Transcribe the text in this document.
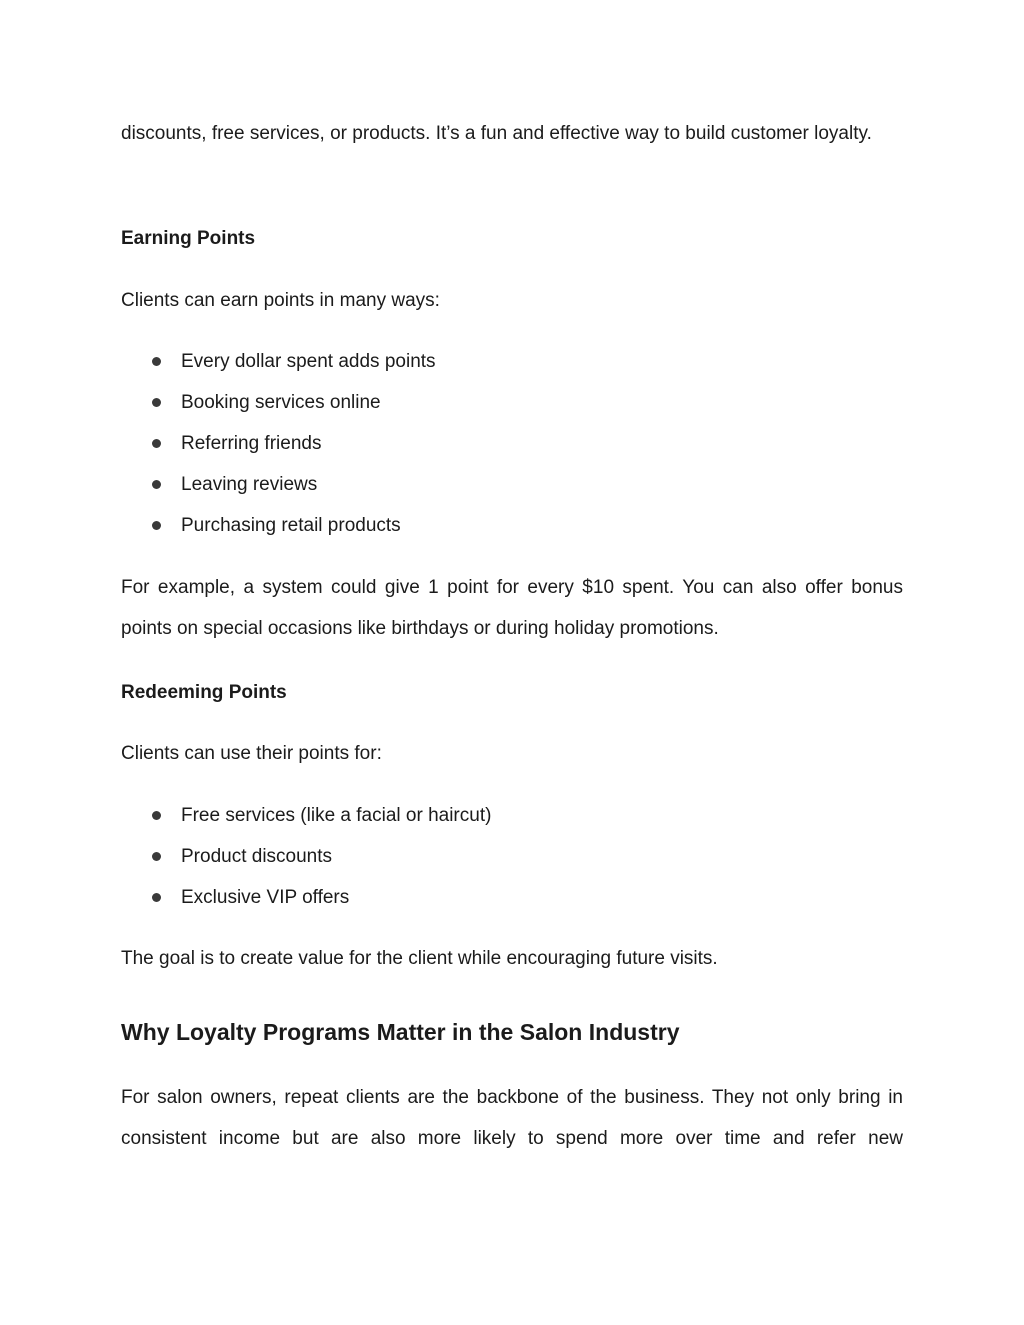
discounts, free services, or products. It’s a fun and effective way to build customer loyalty.

Earning Points

Clients can earn points in many ways:

Every dollar spent adds points
Booking services online
Referring friends
Leaving reviews
Purchasing retail products

For example, a system could give 1 point for every $10 spent. You can also offer bonus points on special occasions like birthdays or during holiday promotions.

Redeeming Points

Clients can use their points for:

Free services (like a facial or haircut)
Product discounts
Exclusive VIP offers

The goal is to create value for the client while encouraging future visits.

Why Loyalty Programs Matter in the Salon Industry

For salon owners, repeat clients are the backbone of the business. They not only bring in consistent income but are also more likely to spend more over time and refer new
